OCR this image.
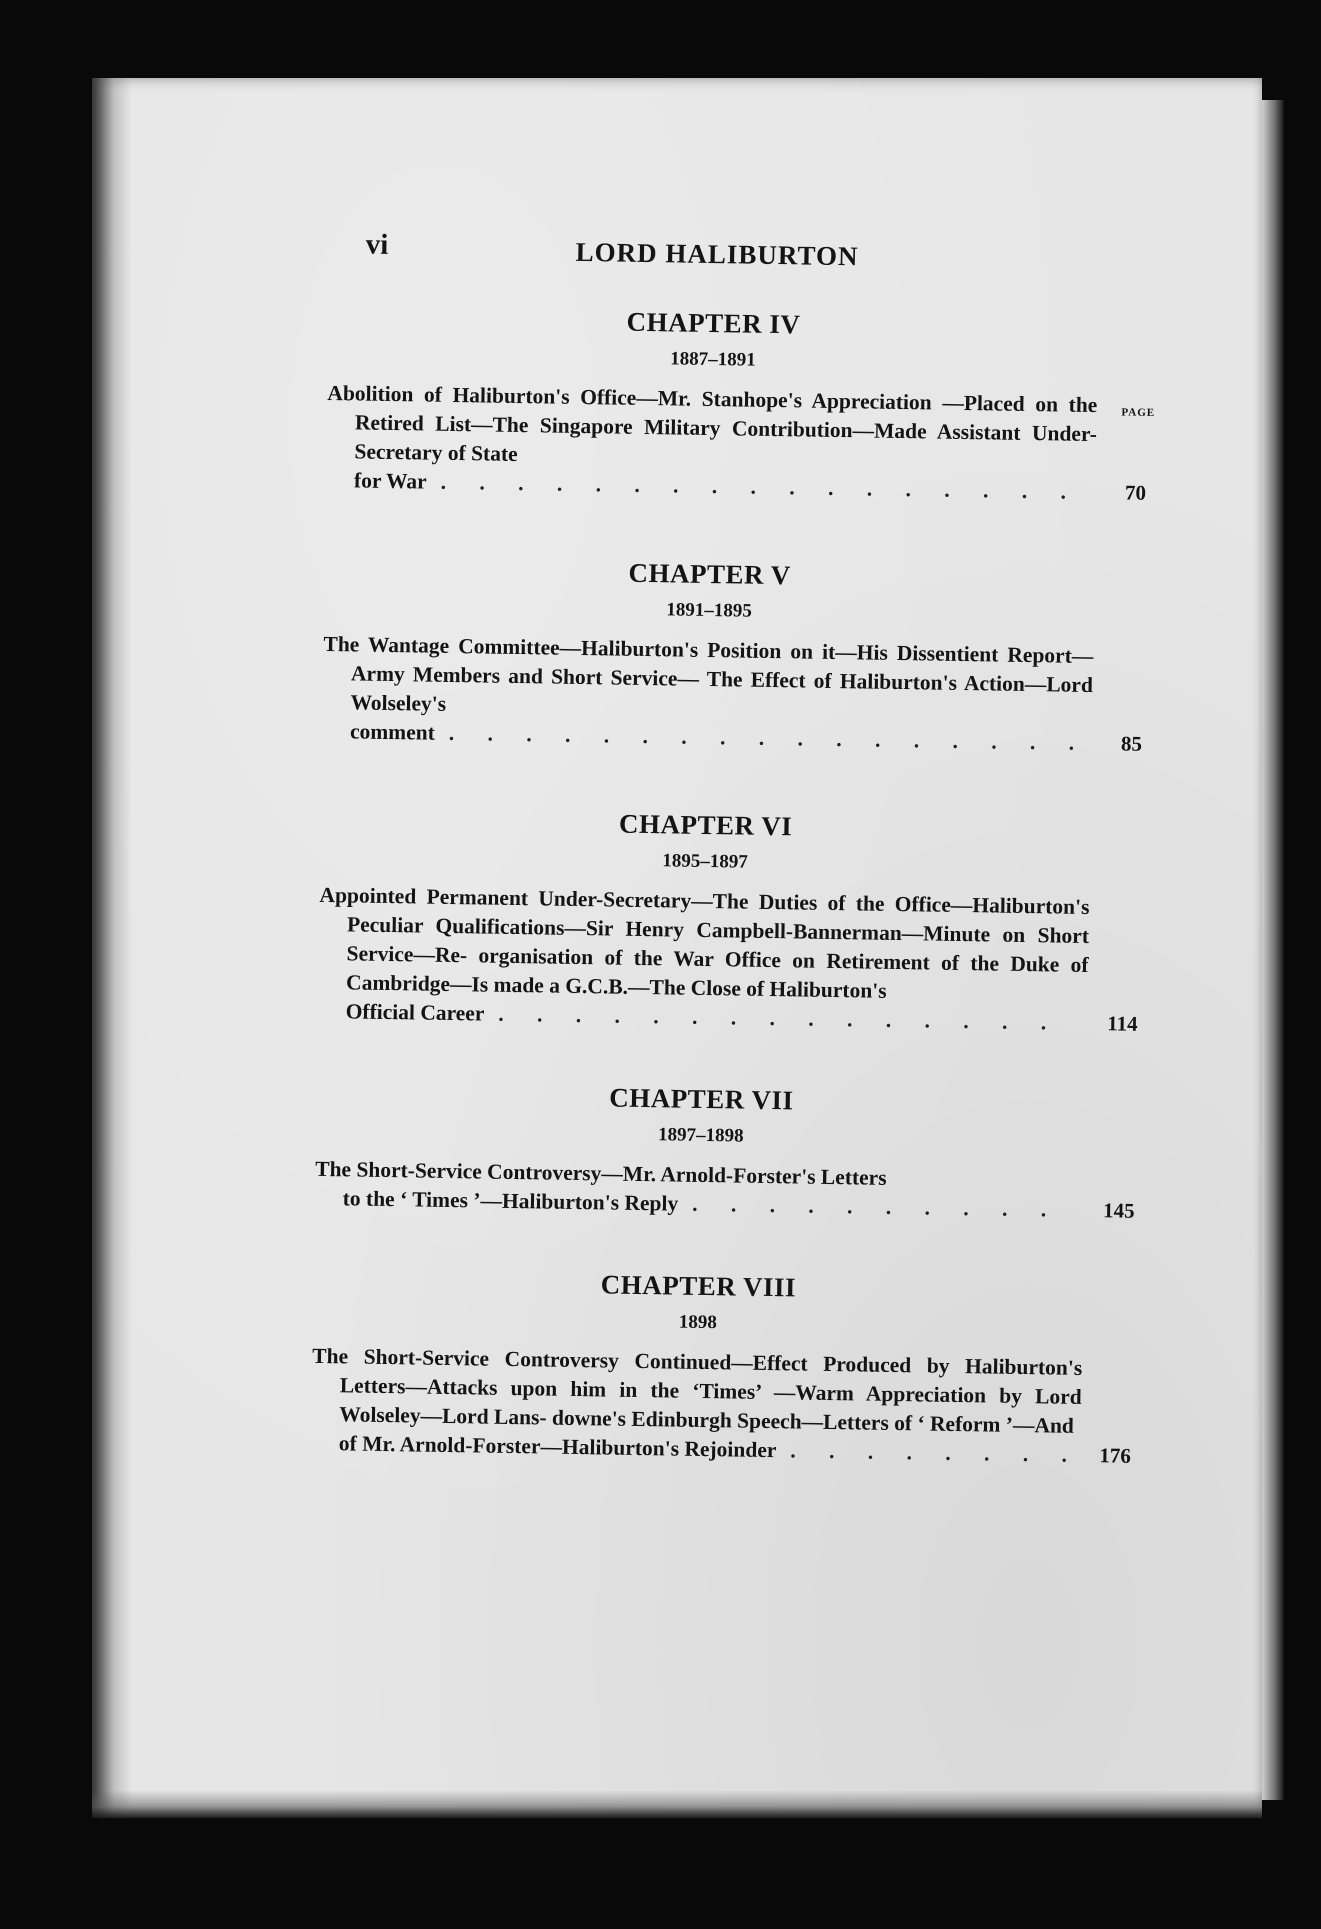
vi	LORD HALIBURTON
CHAPTER IV
1887–1891
PAGE

Abolition of Haliburton's Office—Mr. Stanhope's Appreciation —Placed on the Retired List—The Singapore Military Contribution—Made Assistant Under-Secretary of State

for War . . .	70
CHAPTER V
1891–1895

The Wantage Committee—Haliburton's Position on it—His Dissentient Report—Army Members and Short Service— The Effect of Haliburton's Action—Lord Wolseley's

comment . . .	85
CHAPTER VI
1895–1897

Appointed Permanent Under-Secretary—The Duties of the Office—Haliburton's Peculiar Qualifications—Sir Henry Campbell-Bannerman—Minute on Short Service—Re- organisation of the War Office on Retirement of the Duke of Cambridge—Is made a G.C.B.—The Close of Haliburton's

Official Career . . .	114
CHAPTER VII
1897–1898

The Short-Service Controversy—Mr. Arnold-Forster's Letters

to the ‘ Times ’—Haliburton's Reply . . .	145
CHAPTER VIII
1898

The Short-Service Controversy Continued—Effect Produced by Haliburton's Letters—Attacks upon him in the ‘Times’ —Warm Appreciation by Lord Wolseley—Lord Lans- downe's Edinburgh Speech—Letters of ‘ Reform ’—And

of Mr. Arnold-Forster—Haliburton's Rejoinder . . .	176
